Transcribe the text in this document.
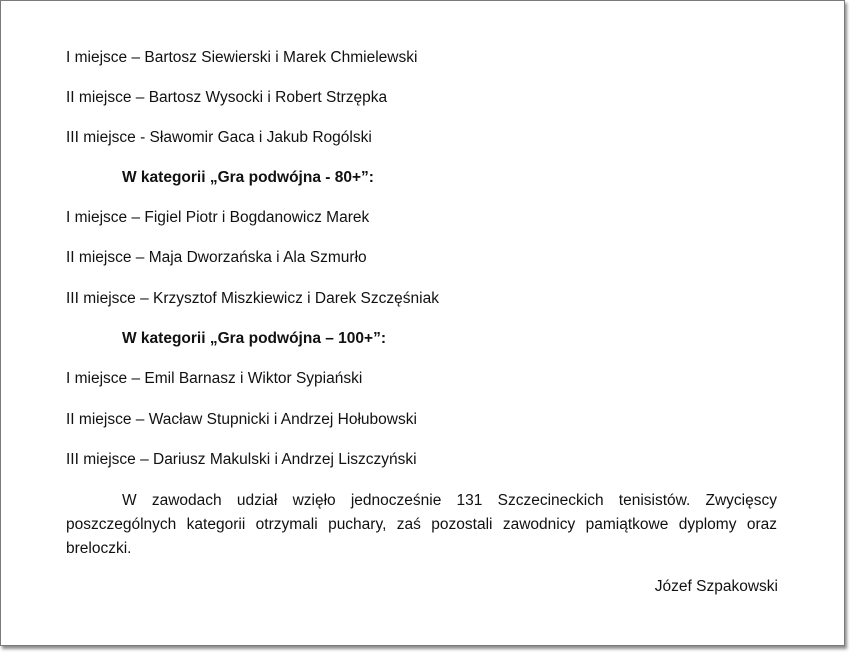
I miejsce – Bartosz Siewierski i Marek Chmielewski
II miejsce – Bartosz Wysocki i Robert Strzępka
III miejsce - Sławomir Gaca i Jakub Rogólski
W kategorii „Gra podwójna - 80+”:
I miejsce – Figiel Piotr i Bogdanowicz Marek
II miejsce – Maja Dworzańska i Ala Szmurło
III miejsce – Krzysztof Miszkiewicz i Darek Szczęśniak
W kategorii „Gra podwójna – 100+”:
I miejsce – Emil Barnasz i Wiktor Sypiański
II miejsce – Wacław Stupnicki i Andrzej Hołubowski
III miejsce – Dariusz Makulski i Andrzej Liszczyński
W zawodach udział wzięło jednocześnie 131 Szczecineckich tenisistów. Zwycięscy poszczególnych kategorii otrzymali puchary, zaś pozostali zawodnicy pamiątkowe dyplomy oraz breloczki.
Józef Szpakowski
